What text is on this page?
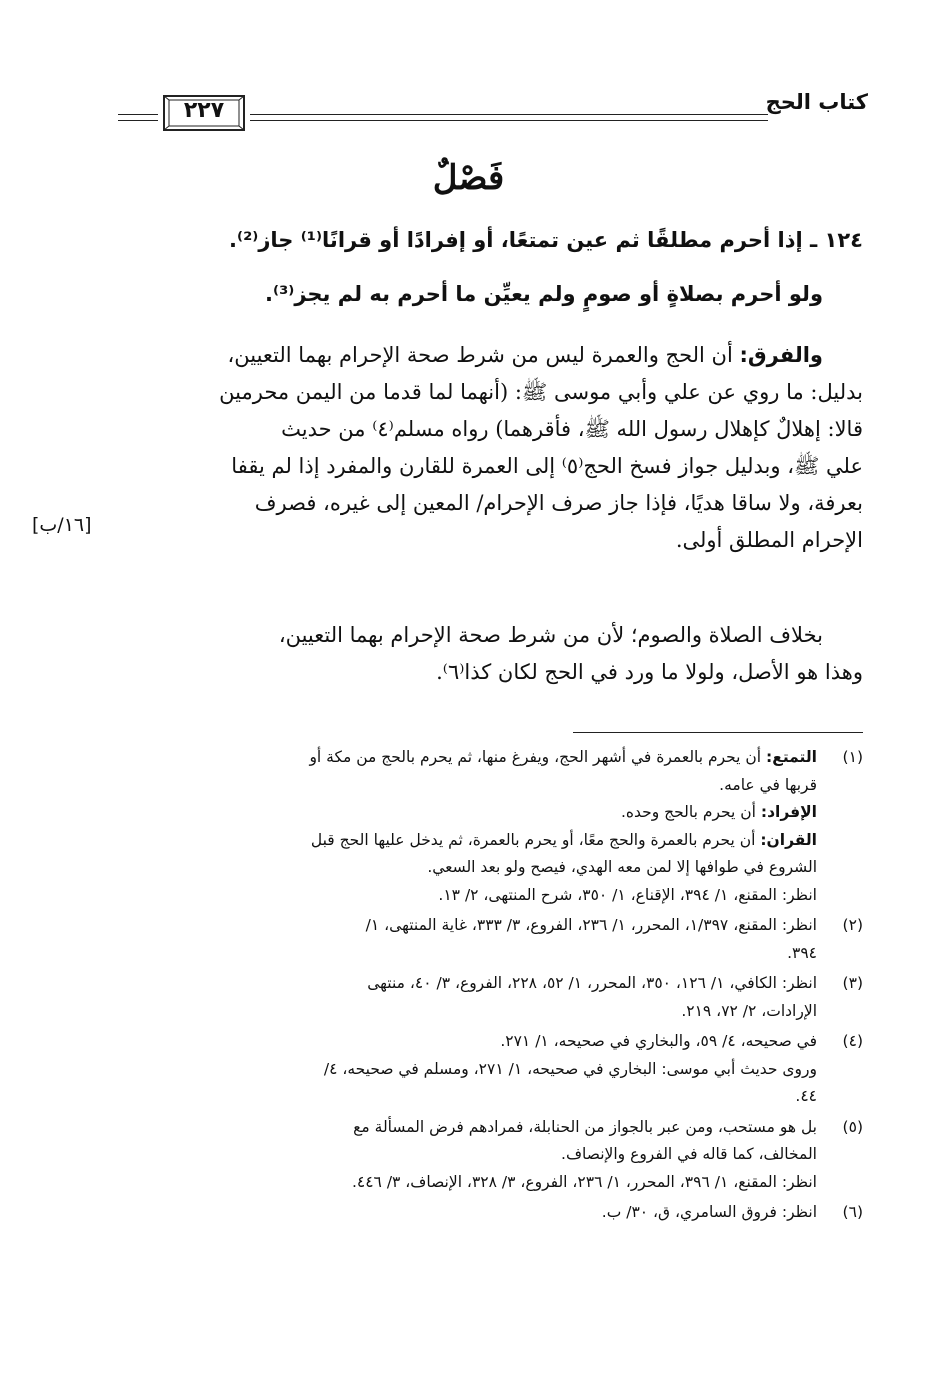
٢٢٧	كتاب الحج
فَصْلٌ
١٢٤ ـ إذا أحرم مطلقًا ثم عين تمتعًا، أو إفرادًا أو قرانًا⁽¹⁾ جاز⁽²⁾.
ولو أحرم بصلاةٍ أو صومٍ ولم يعيِّن ما أحرم به لم يجز⁽³⁾.
والفرق: أن الحج والعمرة ليس من شرط صحة الإحرام بهما التعيين،
بدليل: ما روي عن علي وأبي موسى ﷺ: (أنهما لما قدما من اليمن محرمين
قالا: إهلالٌ كإهلال رسول الله ﷺ، فأقرهما) رواه مسلم⁽٤⁾ من حديث
علي ﷺ، وبدليل جواز فسخ الحج⁽٥⁾ إلى العمرة للقارن والمفرد إذا لم يقفا
بعرفة، ولا ساقا هديًا، فإذا جاز صرف الإحرام/ المعين إلى غيره، فصرف
الإحرام المطلق أولى.
[١٦/ب]
بخلاف الصلاة والصوم؛ لأن من شرط صحة الإحرام بهما التعيين،
وهذا هو الأصل، ولولا ما ورد في الحج لكان كذا⁽٦⁾.
(١)
التمتع: أن يحرم بالعمرة في أشهر الحج، ويفرغ منها، ثم يحرم بالحج من مكة أو
قربها في عامه.
الإفراد: أن يحرم بالحج وحده.
القران: أن يحرم بالعمرة والحج معًا، أو يحرم بالعمرة، ثم يدخل عليها الحج قبل
الشروع في طوافها إلا لمن معه الهدي، فيصح ولو بعد السعي.
انظر: المقنع، ١/ ٣٩٤، الإقناع، ١/ ٣٥٠، شرح المنتهى، ٢/ ١٣.
(٢)
انظر: المقنع، ١/٣٩٧، المحرر، ١/ ٢٣٦، الفروع، ٣/ ٣٣٣، غاية المنتهى، ١/
٣٩٤.
(٣)
انظر: الكافي، ١/ ١٢٦، ٣٥٠، المحرر، ١/ ٥٢، ٢٢٨، الفروع، ٣/ ٤٠، منتهى
الإرادات، ٢/ ٧٢، ٢١٩.
(٤)
في صحيحه، ٤/ ٥٩، والبخاري في صحيحه، ١/ ٢٧١.
وروى حديث أبي موسى: البخاري في صحيحه، ١/ ٢٧١، ومسلم في صحيحه، ٤/
٤٤.
(٥)
بل هو مستحب، ومن عبر بالجواز من الحنابلة، فمرادهم فرض المسألة مع
المخالف، كما قاله في الفروع والإنصاف.
انظر: المقنع، ١/ ٣٩٦، المحرر، ١/ ٢٣٦، الفروع، ٣/ ٣٢٨، الإنصاف، ٣/ ٤٤٦.
(٦)
انظر: فروق السامري، ق، ٣٠/ ب.
